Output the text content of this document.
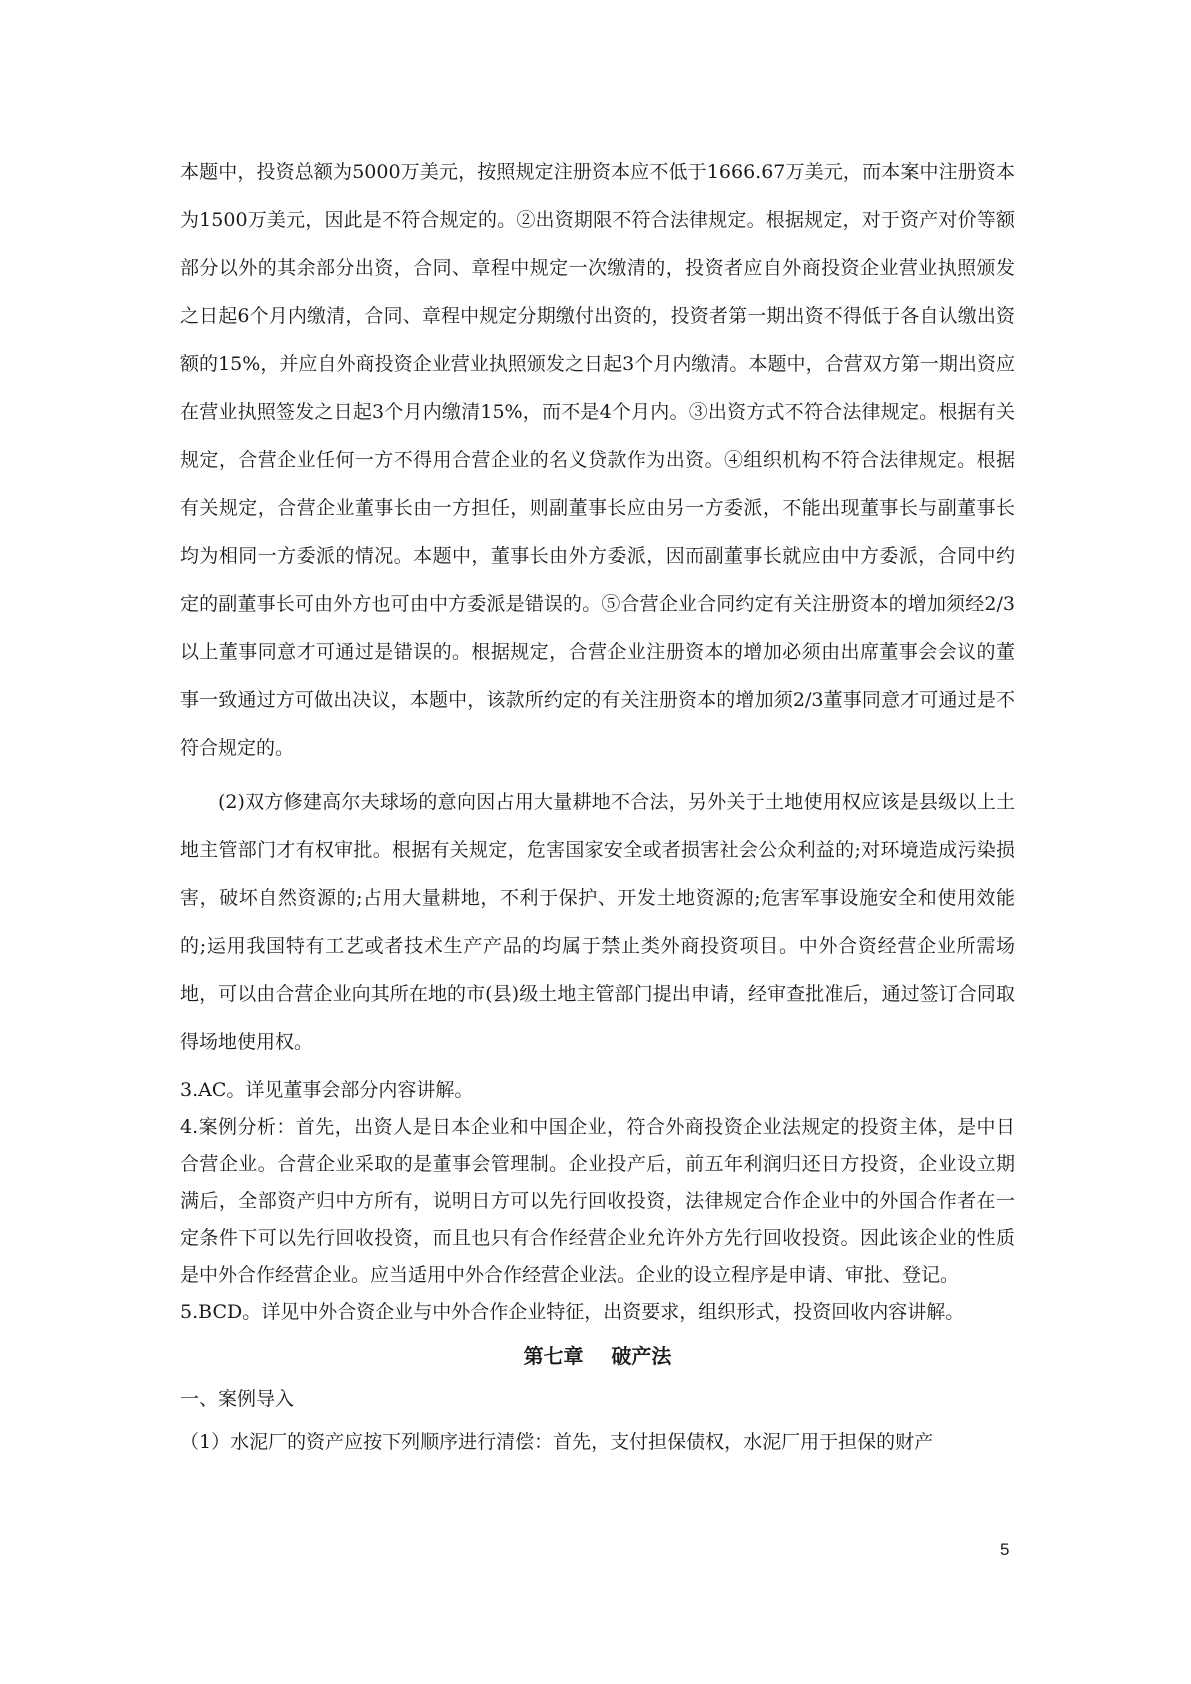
本题中，投资总额为5000万美元，按照规定注册资本应不低于1666.67万美元，而本案中注册资本为1500万美元，因此是不符合规定的。②出资期限不符合法律规定。根据规定，对于资产对价等额部分以外的其余部分出资，合同、章程中规定一次缴清的，投资者应自外商投资企业营业执照颁发之日起6个月内缴清，合同、章程中规定分期缴付出资的，投资者第一期出资不得低于各自认缴出资额的15%，并应自外商投资企业营业执照颁发之日起3个月内缴清。本题中，合营双方第一期出资应在营业执照签发之日起3个月内缴清15%，而不是4个月内。③出资方式不符合法律规定。根据有关规定，合营企业任何一方不得用合营企业的名义贷款作为出资。④组织机构不符合法律规定。根据有关规定，合营企业董事长由一方担任，则副董事长应由另一方委派，不能出现董事长与副董事长均为相同一方委派的情况。本题中，董事长由外方委派，因而副董事长就应由中方委派，合同中约定的副董事长可由外方也可由中方委派是错误的。⑤合营企业合同约定有关注册资本的增加须经2/3以上董事同意才可通过是错误的。根据规定，合营企业注册资本的增加必须由出席董事会会议的董事一致通过方可做出决议，本题中，该款所约定的有关注册资本的增加须2/3董事同意才可通过是不符合规定的。

(2)双方修建高尔夫球场的意向因占用大量耕地不合法，另外关于土地使用权应该是县级以上土地主管部门才有权审批。根据有关规定，危害国家安全或者损害社会公众利益的;对环境造成污染损害，破坏自然资源的;占用大量耕地，不利于保护、开发土地资源的;危害军事设施安全和使用效能的;运用我国特有工艺或者技术生产产品的均属于禁止类外商投资项目。中外合资经营企业所需场地，可以由合营企业向其所在地的市(县)级土地主管部门提出申请，经审查批准后，通过签订合同取得场地使用权。

3.AC。详见董事会部分内容讲解。

4.案例分析：首先，出资人是日本企业和中国企业，符合外商投资企业法规定的投资主体，是中日合营企业。合营企业采取的是董事会管理制。企业投产后，前五年利润归还日方投资，企业设立期满后，全部资产归中方所有，说明日方可以先行回收投资，法律规定合作企业中的外国合作者在一定条件下可以先行回收投资，而且也只有合作经营企业允许外方先行回收投资。因此该企业的性质是中外合作经营企业。应当适用中外合作经营企业法。企业的设立程序是申请、审批、登记。

5.BCD。详见中外合资企业与中外合作企业特征，出资要求，组织形式，投资回收内容讲解。

第七章    破产法

一、案例导入

（1）水泥厂的资产应按下列顺序进行清偿：首先，支付担保债权，水泥厂用于担保的财产

5
